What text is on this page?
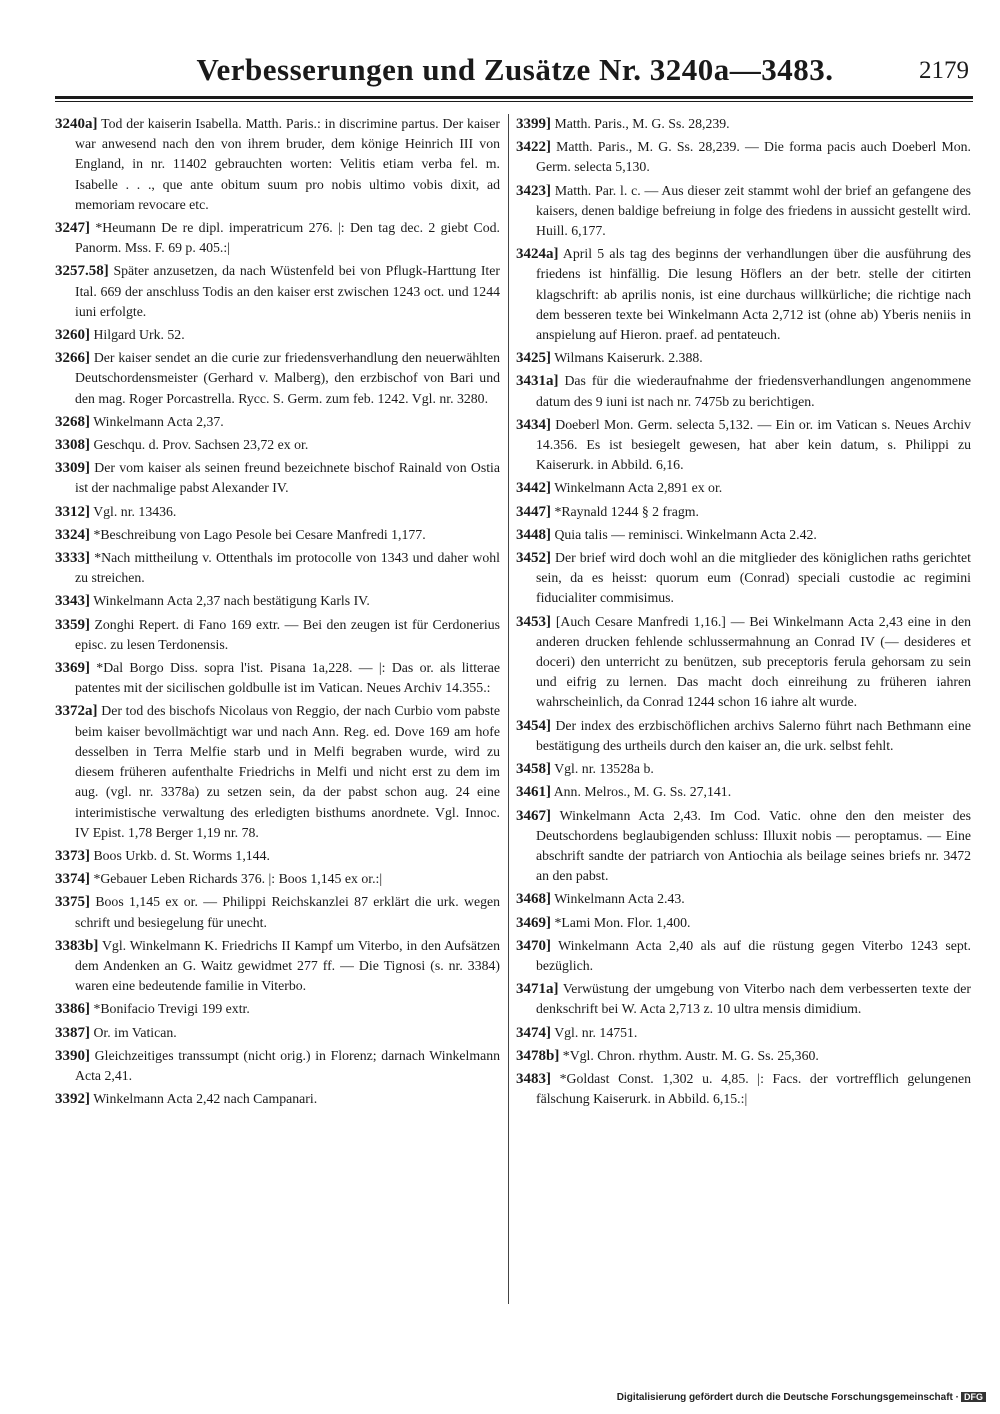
Verbesserungen und Zusätze Nr. 3240a—3483.	2179

3240a] Tod der kaiserin Isabella. Matth. Paris.: in discrimine partus. Der kaiser war anwesend nach den von ihrem bruder, dem könige Heinrich III von England, in nr. 11402 gebrauchten worten: Velitis etiam verba fel. m. Isabelle . . ., que ante obitum suum pro nobis ultimo vobis dixit, ad memoriam revocare etc.

3247] *Heumann De re dipl. imperatricum 276. |: Den tag dec. 2 giebt Cod. Panorm. Mss. F. 69 p. 405.:|

3257.58] Später anzusetzen, da nach Wüstenfeld bei von Pflugk-Harttung Iter Ital. 669 der anschluss Todis an den kaiser erst zwischen 1243 oct. und 1244 iuni erfolgte.

3260] Hilgard Urk. 52.

3266] Der kaiser sendet an die curie zur friedensverhandlung den neuerwählten Deutschordensmeister (Gerhard v. Malberg), den erzbischof von Bari und den mag. Roger Porcastrella. Rycc. S. Germ. zum feb. 1242. Vgl. nr. 3280.

3268] Winkelmann Acta 2,37.

3308] Geschqu. d. Prov. Sachsen 23,72 ex or.

3309] Der vom kaiser als seinen freund bezeichnete bischof Rainald von Ostia ist der nachmalige pabst Alexander IV.

3312] Vgl. nr. 13436.

3324] *Beschreibung von Lago Pesole bei Cesare Manfredi 1,177.

3333] *Nach mittheilung v. Ottenthals im protocolle von 1343 und daher wohl zu streichen.

3343] Winkelmann Acta 2,37 nach bestätigung Karls IV.

3359] Zonghi Repert. di Fano 169 extr. — Bei den zeugen ist für Cerdonerius episc. zu lesen Terdonensis.

3369] *Dal Borgo Diss. sopra l'ist. Pisana 1a,228. — |: Das or. als litterae patentes mit der sicilischen goldbulle ist im Vatican. Neues Archiv 14.355.:

3372a] Der tod des bischofs Nicolaus von Reggio, der nach Curbio vom pabste beim kaiser bevollmächtigt war und nach Ann. Reg. ed. Dove 169 am hofe desselben in Terra Melfie starb und in Melfi begraben wurde, wird zu diesem früheren aufenthalte Friedrichs in Melfi und nicht erst zu dem im aug. (vgl. nr. 3378a) zu setzen sein, da der pabst schon aug. 24 eine interimistische verwaltung des erledigten bisthums anordnete. Vgl. Innoc. IV Epist. 1,78 Berger 1,19 nr. 78.

3373] Boos Urkb. d. St. Worms 1,144.

3374] *Gebauer Leben Richards 376. |: Boos 1,145 ex or.:|

3375] Boos 1,145 ex or. — Philippi Reichskanzlei 87 erklärt die urk. wegen schrift und besiegelung für unecht.

3383b] Vgl. Winkelmann K. Friedrichs II Kampf um Viterbo, in den Aufsätzen dem Andenken an G. Waitz gewidmet 277 ff. — Die Tignosi (s. nr. 3384) waren eine bedeutende familie in Viterbo.

3386] *Bonifacio Trevigi 199 extr.

3387] Or. im Vatican.

3390] Gleichzeitiges transsumpt (nicht orig.) in Florenz; darnach Winkelmann Acta 2,41.

3392] Winkelmann Acta 2,42 nach Campanari.

3399] Matth. Paris., M. G. Ss. 28,239.

3422] Matth. Paris., M. G. Ss. 28,239. — Die forma pacis auch Doeberl Mon. Germ. selecta 5,130.

3423] Matth. Par. l. c. — Aus dieser zeit stammt wohl der brief an gefangene des kaisers, denen baldige befreiung in folge des friedens in aussicht gestellt wird. Huill. 6,177.

3424a] April 5 als tag des beginns der verhandlungen über die ausführung des friedens ist hinfällig. Die lesung Höflers an der betr. stelle der citirten klagschrift: ab aprilis nonis, ist eine durchaus willkürliche; die richtige nach dem besseren texte bei Winkelmann Acta 2,712 ist (ohne ab) Yberis neniis in anspielung auf Hieron. praef. ad pentateuch.

3425] Wilmans Kaiserurk. 2.388.

3431a] Das für die wiederaufnahme der friedensverhandlungen angenommene datum des 9 iuni ist nach nr. 7475b zu berichtigen.

3434] Doeberl Mon. Germ. selecta 5,132. — Ein or. im Vatican s. Neues Archiv 14.356. Es ist besiegelt gewesen, hat aber kein datum, s. Philippi zu Kaiserurk. in Abbild. 6,16.

3442] Winkelmann Acta 2,891 ex or.

3447] *Raynald 1244 § 2 fragm.

3448] Quia talis — reminisci. Winkelmann Acta 2.42.

3452] Der brief wird doch wohl an die mitglieder des königlichen raths gerichtet sein, da es heisst: quorum eum (Conrad) speciali custodie ac regimini fiducialiter commisimus.

3453] [Auch Cesare Manfredi 1,16.] — Bei Winkelmann Acta 2,43 eine in den anderen drucken fehlende schlussermahnung an Conrad IV (— desideres et doceri) den unterricht zu benützen, sub preceptoris ferula gehorsam zu sein und eifrig zu lernen. Das macht doch einreihung zu früheren iahren wahrscheinlich, da Conrad 1244 schon 16 iahre alt wurde.

3454] Der index des erzbischöflichen archivs Salerno führt nach Bethmann eine bestätigung des urtheils durch den kaiser an, die urk. selbst fehlt.

3458] Vgl. nr. 13528a b.

3461] Ann. Melros., M. G. Ss. 27,141.

3467] Winkelmann Acta 2,43. Im Cod. Vatic. ohne den den meister des Deutschordens beglaubigenden schluss: Illuxit nobis — peroptamus. — Eine abschrift sandte der patriarch von Antiochia als beilage seines briefs nr. 3472 an den pabst.

3468] Winkelmann Acta 2.43.

3469] *Lami Mon. Flor. 1,400.

3470] Winkelmann Acta 2,40 als auf die rüstung gegen Viterbo 1243 sept. bezüglich.

3471a] Verwüstung der umgebung von Viterbo nach dem verbesserten texte der denkschrift bei W. Acta 2,713 z. 10 ultra mensis dimidium.

3474] Vgl. nr. 14751.

3478b] *Vgl. Chron. rhythm. Austr. M. G. Ss. 25,360.

3483] *Goldast Const. 1,302 u. 4,85. |: Facs. der vortrefflich gelungenen fälschung Kaiserurk. in Abbild. 6,15.:|

Digitalisierung gefördert durch die Deutsche Forschungsgemeinschaft · DFG
